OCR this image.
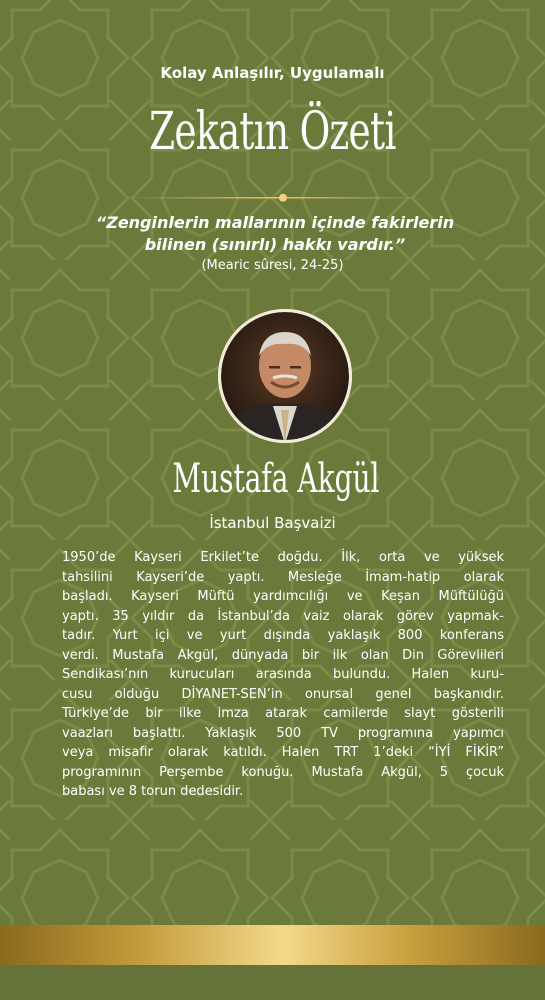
Kolay Anlaşılır, Uygulamalı
Zekatın Özeti
“Zenginlerin mallarının içinde fakirlerin bilinen (sınırlı) hakkı vardır.”
(Mearic sûresi, 24-25)
Mustafa Akgül
İstanbul Başvaizi
1950’de Kayseri Erkilet’te doğdu. İlk, orta ve yüksek
tahsilini Kayseri’de yaptı. Mesleğe İmam-hatip olarak
başladı. Kayseri Müftü yardımcılığı ve Keşan Müftülüğü
yaptı. 35 yıldır da İstanbul’da vaiz olarak görev yapmak-
tadır. Yurt içi ve yurt dışında yaklaşık 800 konferans
verdi. Mustafa Akgül, dünyada bir ilk olan Din Görevlileri
Sendikası’nın kurucuları arasında bulundu. Halen kuru-
cusu olduğu DİYANET-SEN’in onursal genel başkanıdır.
Türkiye’de bir ilke imza atarak camilerde slayt gösterili
vaazları başlattı. Yaklaşık 500 TV programına yapımcı
veya misafir olarak katıldı. Halen TRT 1’deki “İYİ FİKİR”
programının Perşembe konuğu. Mustafa Akgül, 5 çocuk
babası ve 8 torun dedesidir.
